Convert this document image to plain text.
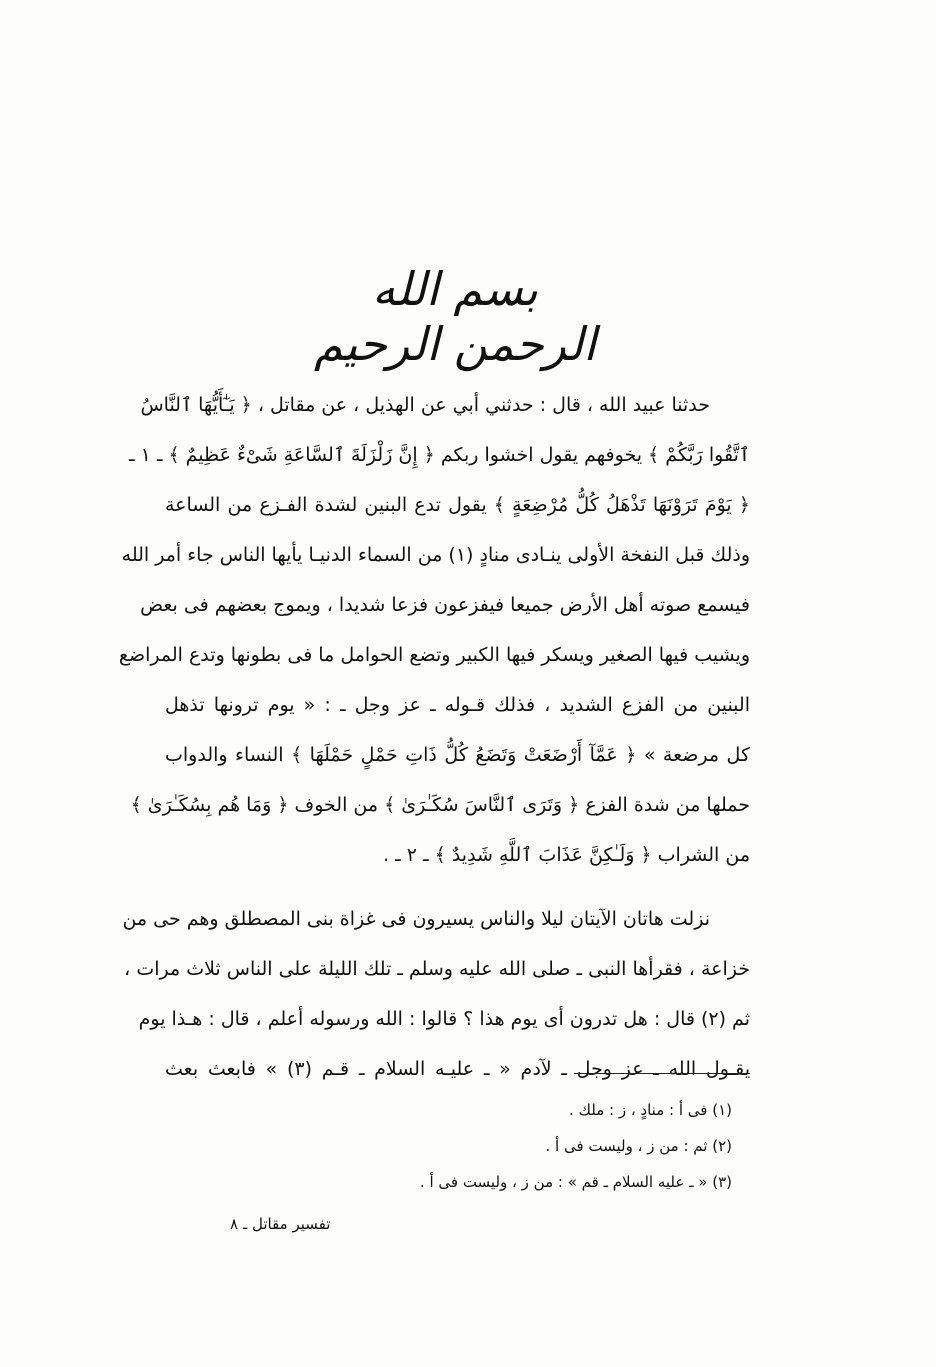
بسم الله الرحمن الرحيم
حدثنا عبيد الله ، قال : حدثني أبي عن الهذيل ، عن مقاتل ، ﴿ يَـٰٓأَيُّهَا ٱلنَّاسُ
ٱتَّقُوا رَبَّكُمْ ﴾ يخوفهم يقول اخشوا ربكم ﴿ إِنَّ زَلْزَلَةَ ٱلسَّاعَةِ شَىْءٌ عَظِيمٌ ﴾ ـ ١ ـ
﴿ يَوْمَ تَرَوْنَهَا تَذْهَلُ كُلُّ مُرْضِعَةٍ ﴾ يقول تدع البنين لشدة الفـزع من الساعة
وذلك قبل النفخة الأولى ينـادى منادٍ (١) من السماء الدنيـا يأيها الناس جاء أمر الله
فيسمع صوته أهل الأرض جميعا فيفزعون فزعا شديدا ، ويموج بعضهم فى بعض
ويشيب فيها الصغير ويسكر فيها الكبير وتضع الحوامل ما فى بطونها وتدع المراضع
البنين من الفزع الشديد ، فذلك قـوله ـ عز وجل ـ : « يوم ترونها تذهل
كل مرضعة » ﴿ عَمَّآ أَرْضَعَتْ وَتَضَعُ كُلُّ ذَاتِ حَمْلٍ حَمْلَهَا ﴾ النساء والدواب
حملها من شدة الفزع ﴿ وَتَرَى ٱلنَّاسَ سُكَـٰرَىٰ ﴾ من الخوف ﴿ وَمَا هُم بِسُكَـٰرَىٰ ﴾
من الشراب ﴿ وَلَـٰكِنَّ عَذَابَ ٱللَّهِ شَدِيدٌ ﴾ ـ ٢ ـ .
نزلت هاتان الآيتان ليلا والناس يسيرون فى غزاة بنى المصطلق وهم حى من
خزاعة ، فقرأها النبى ـ صلى الله عليه وسلم ـ تلك الليلة على الناس ثلاث مرات ،
ثم (٢) قال : هل تدرون أى يوم هذا ؟ قالوا : الله ورسوله أعلم ، قال : هـذا يوم
يقـول الله ـ عز وجل ـ لآدم « ـ عليـه السلام ـ قـم (٣) » فابعث بعث
(١) فى أ : منادٍ ، ز : ملك .
(٢) ثم : من ز ، وليست فى أ .
(٣) « ـ عليه السلام ـ قم » : من ز ، وليست فى أ .
تفسير مقاتل ـ ٨
